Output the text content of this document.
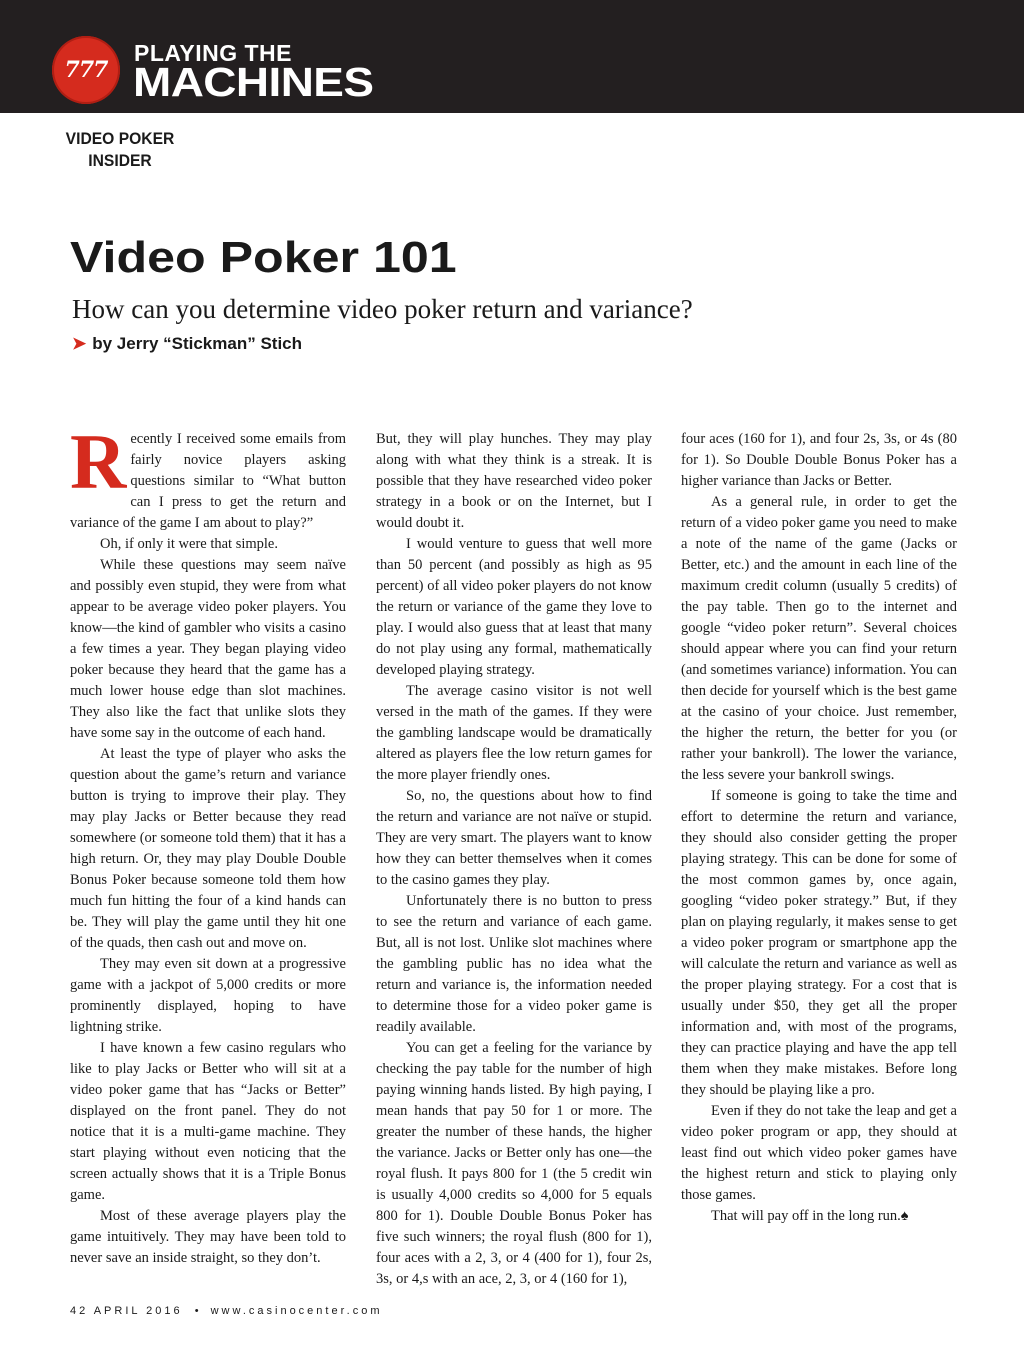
777
PLAYING THE
MACHINES
VIDEO POKER
INSIDER
Video Poker 101
How can you determine video poker return and variance?
➤ by Jerry “Stickman” Stich

Recently I received some emails from fairly novice players asking questions similar to “What button can I press to get the return and variance of the game I am about to play?”

Oh, if only it were that simple.

While these questions may seem naïve and possibly even stupid, they were from what appear to be average video poker players. You know—the kind of gambler who visits a casino a few times a year. They began playing video poker because they heard that the game has a much lower house edge than slot machines. They also like the fact that unlike slots they have some say in the outcome of each hand.

At least the type of player who asks the question about the game’s return and variance button is trying to improve their play. They may play Jacks or Better because they read somewhere (or someone told them) that it has a high return. Or, they may play Double Double Bonus Poker because someone told them how much fun hitting the four of a kind hands can be. They will play the game until they hit one of the quads, then cash out and move on.

They may even sit down at a progressive game with a jackpot of 5,000 credits or more prominently displayed, hoping to have lightning strike.

I have known a few casino regulars who like to play Jacks or Better who will sit at a video poker game that has “Jacks or Better” displayed on the front panel. They do not notice that it is a multi-game machine. They start playing without even noticing that the screen actually shows that it is a Triple Bonus game.

Most of these average players play the game intuitively. They may have been told to never save an inside straight, so they don’t.

But, they will play hunches. They may play along with what they think is a streak. It is possible that they have researched video poker strategy in a book or on the Internet, but I would doubt it.

I would venture to guess that well more than 50 percent (and possibly as high as 95 percent) of all video poker players do not know the return or variance of the game they love to play. I would also guess that at least that many do not play using any formal, mathematically developed playing strategy.

The average casino visitor is not well versed in the math of the games. If they were the gambling landscape would be dramatically altered as players flee the low return games for the more player friendly ones.

So, no, the questions about how to find the return and variance are not naïve or stupid. They are very smart. The players want to know how they can better themselves when it comes to the casino games they play.

Unfortunately there is no button to press to see the return and variance of each game. But, all is not lost. Unlike slot machines where the gambling public has no idea what the return and variance is, the information needed to determine those for a video poker game is readily available.

You can get a feeling for the variance by checking the pay table for the number of high paying winning hands listed. By high paying, I mean hands that pay 50 for 1 or more. The greater the number of these hands, the higher the variance. Jacks or Better only has one—the royal flush. It pays 800 for 1 (the 5 credit win is usually 4,000 credits so 4,000 for 5 equals 800 for 1). Double Double Bonus Poker has five such winners; the royal flush (800 for 1), four aces with a 2, 3, or 4 (400 for 1), four 2s, 3s, or 4,s with an ace, 2, 3, or 4 (160 for 1),

four aces (160 for 1), and four 2s, 3s, or 4s (80 for 1). So Double Double Bonus Poker has a higher variance than Jacks or Better.

As a general rule, in order to get the return of a video poker game you need to make a note of the name of the game (Jacks or Better, etc.) and the amount in each line of the maximum credit column (usually 5 credits) of the pay table. Then go to the internet and google “video poker return”. Several choices should appear where you can find your return (and sometimes variance) information. You can then decide for yourself which is the best game at the casino of your choice. Just remember, the higher the return, the better for you (or rather your bankroll). The lower the variance, the less severe your bankroll swings.

If someone is going to take the time and effort to determine the return and variance, they should also consider getting the proper playing strategy. This can be done for some of the most common games by, once again, googling “video poker strategy.” But, if they plan on playing regularly, it makes sense to get a video poker program or smartphone app the will calculate the return and variance as well as the proper playing strategy. For a cost that is usually under $50, they get all the proper information and, with most of the programs, they can practice playing and have the app tell them when they make mistakes. Before long they should be playing like a pro.

Even if they do not take the leap and get a video poker program or app, they should at least find out which video poker games have the highest return and stick to playing only those games.

That will pay off in the long run.♠

42 APRIL 2016 • www.casinocenter.com
